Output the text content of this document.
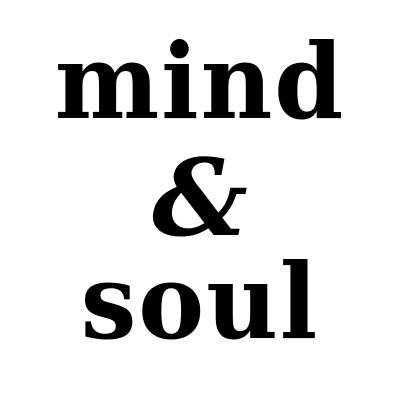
mind
&
soul
